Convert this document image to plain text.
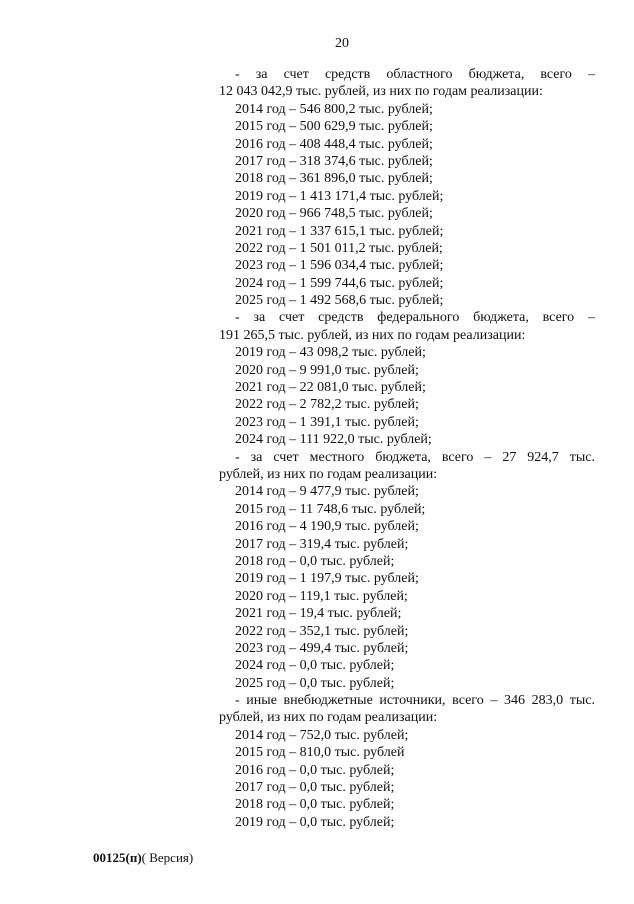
20
- за счет средств областного бюджета, всего –
12 043 042,9 тыс. рублей, из них по годам реализации:
2014 год – 546 800,2 тыс. рублей;
2015 год – 500 629,9 тыс. рублей;
2016 год – 408 448,4 тыс. рублей;
2017 год – 318 374,6 тыс. рублей;
2018 год – 361 896,0 тыс. рублей;
2019 год – 1 413 171,4 тыс. рублей;
2020 год – 966 748,5 тыс. рублей;
2021 год – 1 337 615,1 тыс. рублей;
2022 год – 1 501 011,2 тыс. рублей;
2023 год – 1 596 034,4 тыс. рублей;
2024 год – 1 599 744,6 тыс. рублей;
2025 год – 1 492 568,6 тыс. рублей;
- за счет средств федерального бюджета, всего –
191 265,5 тыс. рублей, из них по годам реализации:
2019 год – 43 098,2 тыс. рублей;
2020 год – 9 991,0 тыс. рублей;
2021 год – 22 081,0 тыс. рублей;
2022 год – 2 782,2 тыс. рублей;
2023 год – 1 391,1 тыс. рублей;
2024 год – 111 922,0 тыс. рублей;
- за счет местного бюджета, всего – 27 924,7 тыс.
рублей, из них по годам реализации:
2014 год – 9 477,9 тыс. рублей;
2015 год – 11 748,6 тыс. рублей;
2016 год – 4 190,9 тыс. рублей;
2017 год – 319,4 тыс. рублей;
2018 год – 0,0 тыс. рублей;
2019 год – 1 197,9 тыс. рублей;
2020 год – 119,1 тыс. рублей;
2021 год – 19,4 тыс. рублей;
2022 год – 352,1 тыс. рублей;
2023 год – 499,4 тыс. рублей;
2024 год – 0,0 тыс. рублей;
2025 год – 0,0 тыс. рублей;
- иные внебюджетные источники, всего – 346 283,0 тыс.
рублей, из них по годам реализации:
2014 год – 752,0 тыс. рублей;
2015 год – 810,0 тыс. рублей
2016 год – 0,0 тыс. рублей;
2017 год – 0,0 тыс. рублей;
2018 год – 0,0 тыс. рублей;
2019 год – 0,0 тыс. рублей;
00125(п)( Версия)
